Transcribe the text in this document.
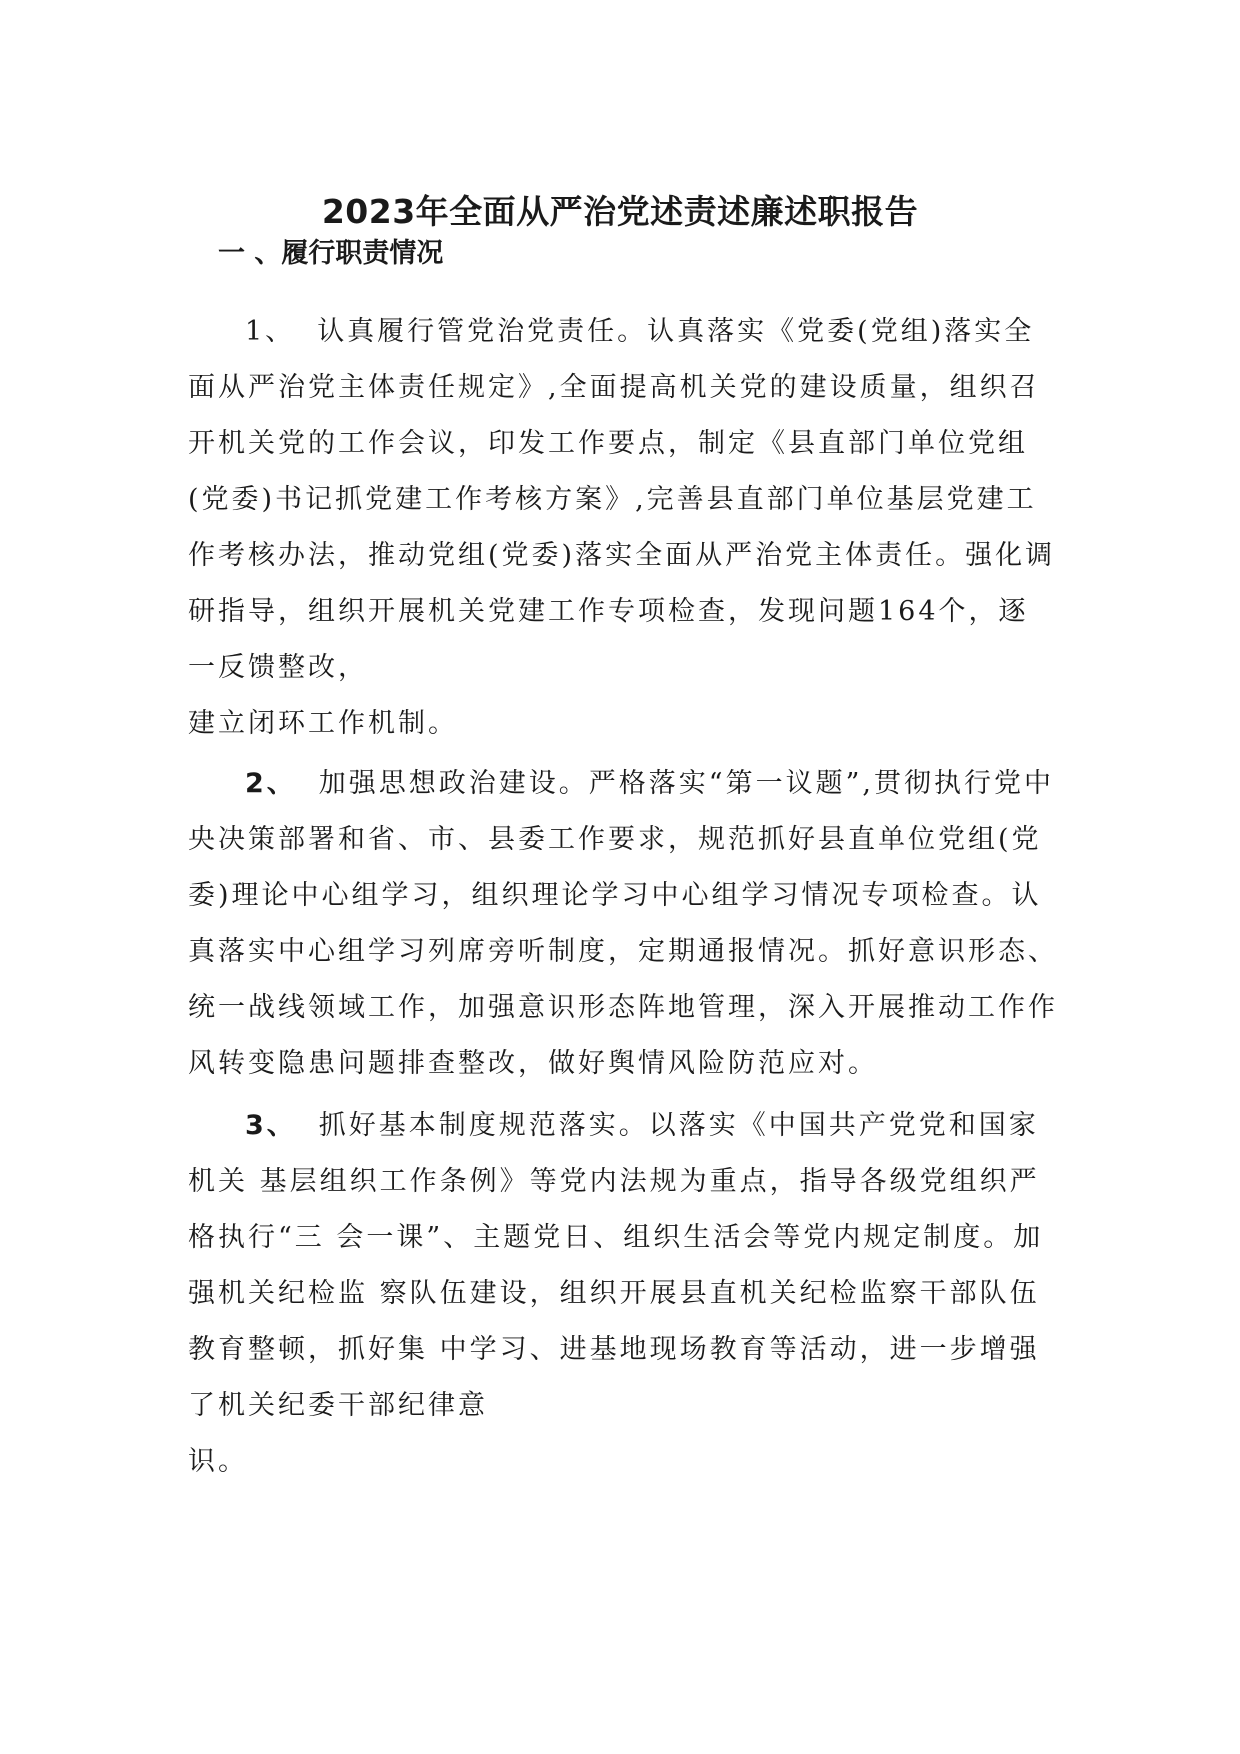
2023年全面从严治党述责述廉述职报告
一 、履行职责情况

1、 认真履行管党治党责任。认真落实《党委(党组)落实全面从严治党主体责任规定》,全面提高机关党的建设质量，组织召开机关党的工作会议，印发工作要点，制定《县直部门单位党组(党委)书记抓党建工作考核方案》,完善县直部门单位基层党建工作考核办法，推动党组(党委)落实全面从严治党主体责任。强化调研指导，组织开展机关党建工作专项检查，发现问题164个，逐一反馈整改，
建立闭环工作机制。

2、 加强思想政治建设。严格落实“第一议题”,贯彻执行党中央决策部署和省、市、县委工作要求，规范抓好县直单位党组(党委)理论中心组学习，组织理论学习中心组学习情况专项检查。认真落实中心组学习列席旁听制度，定期通报情况。抓好意识形态、统一战线领域工作，加强意识形态阵地管理，深入开展推动工作作风转变隐患问题排查整改，做好舆情风险防范应对。

3、 抓好基本制度规范落实。以落实《中国共产党党和国家机关 基层组织工作条例》等党内法规为重点，指导各级党组织严格执行“三 会一课”、主题党日、组织生活会等党内规定制度。加强机关纪检监 察队伍建设，组织开展县直机关纪检监察干部队伍教育整顿，抓好集 中学习、进基地现场教育等活动，进一步增强了机关纪委干部纪律意
识。
